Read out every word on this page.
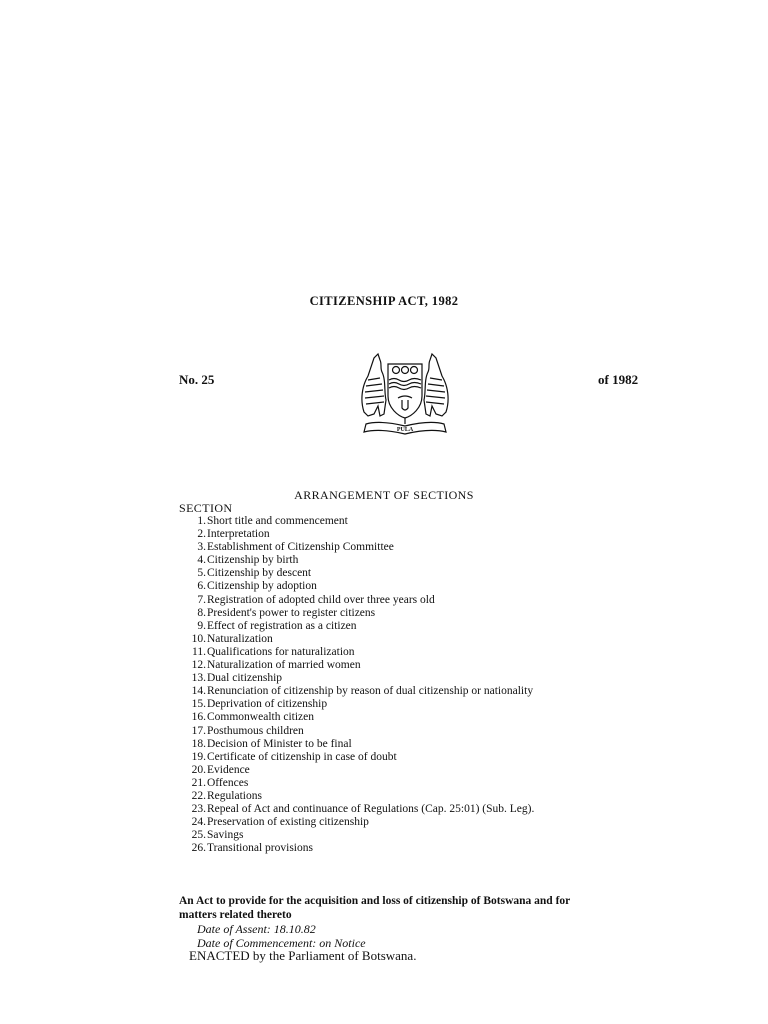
CITIZENSHIP ACT, 1982
No. 25	of 1982
PULA
ARRANGEMENT OF SECTIONS
SECTION
1. Short title and commencement
2. Interpretation
3. Establishment of Citizenship Committee
4. Citizenship by birth
5. Citizenship by descent
6. Citizenship by adoption
7. Registration of adopted child over three years old
8. President's power to register citizens
9. Effect of registration as a citizen
10. Naturalization
11. Qualifications for naturalization
12. Naturalization of married women
13. Dual citizenship
14. Renunciation of citizenship by reason of dual citizenship or nationality
15. Deprivation of citizenship
16. Commonwealth citizen
17. Posthumous children
18. Decision of Minister to be final
19. Certificate of citizenship in case of doubt
20. Evidence
21. Offences
22. Regulations
23. Repeal of Act and continuance of Regulations (Cap. 25:01) (Sub. Leg).
24. Preservation of existing citizenship
25. Savings
26. Transitional provisions
An Act to provide for the acquisition and loss of citizenship of Botswana and for matters related thereto
Date of Assent: 18.10.82
Date of Commencement: on Notice
ENACTED by the Parliament of Botswana.
